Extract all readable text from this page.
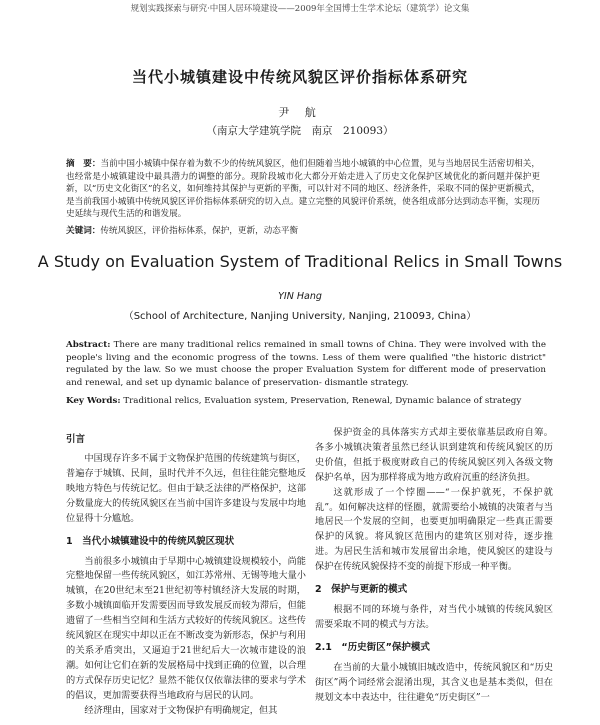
规划实践探索与研究·中国人居环境建设——2009年全国博士生学术论坛（建筑学）论文集
当代小城镇建设中传统风貌区评价指标体系研究
尹 航
（南京大学建筑学院　南京　210093）
摘　要：当前中国小城镇中保存着为数不少的传统风貌区，他们但随着当地小城镇的中心位置，见与当地居民生活密切相关，也经常是小城镇建设中最具潜力的调整的部分。现阶段城市化大都分开始走进入了历史文化保护区域优化的新问题并保护更新，以“历史文化街区”的名义，如何维持其保护与更新的平衡，可以针对不同的地区、经济条件，采取不同的保护更新模式，是当前我国小城镇中传统风貌区评价指标体系研究的切入点。建立完整的风貌评价系统，使各组成部分达到动态平衡，实现历史延续与现代生活的和谐发展。
关键词：传统风貌区，评价指标体系，保护，更新，动态平衡
A Study on Evaluation System of Traditional Relics in Small Towns
YIN Hang
（School of Architecture, Nanjing University, Nanjing, 210093, China）
Abstract: There are many traditional relics remained in small towns of China. They were involved with the people's living and the economic progress of the towns. Less of them were qualified "the historic district" regulated by the law. So we must choose the proper Evaluation System for different mode of preservation and renewal, and set up dynamic balance of preservation- dismantle strategy.
Key Words: Traditional relics, Evaluation system, Preservation, Renewal, Dynamic balance of strategy
引言

中国现存许多不属于文物保护范围的传统建筑与街区，普遍存于城镇、民间，虽时代并不久远，但往往能完整地反映地方特色与传统记忆。但由于缺乏法律的严格保护，这部分数量庞大的传统风貌区在当前中国许多建设与发展中均地位显得十分尴尬。

1　当代小城镇建设中的传统风貌区现状

当前很多小城镇由于早期中心城镇建设规模较小，尚能完整地保留一些传统风貌区，如江苏常州、无锡等地大量小城镇，在20世纪末至21世纪初等村镇经济大发展的时期，多数小城镇面临开发需要因而导致发展反而较为滞后，但能遗留了一些相当空间和生活方式较好的传统风貌区。这些传统风貌区在现实中却以正在不断改变为新形态，保护与利用的关系矛盾突出，又逼迫于21世纪后大一次城市建设的浪潮。如何让它们在新的发展格局中找到正确的位置，以合理的方式保存历史记忆？显然不能仅仅依靠法律的要求与学术的倡议，更加需要获得当地政府与居民的认同。

经济理由，国家对于文物保护有明确规定，但其

保护资金的具体落实方式却主要依靠基层政府自筹。各多小城镇决策者虽然已经认识到建筑和传统风貌区的历史价值，但抵于极度财政自己的传统风貌区列入各级文物保护名单，因为那样将成为地方政府沉重的经济负担。

这就形成了一个悖圈——“一保护就死，不保护就乱”。如何解决这样的怪圈，就需要给小城镇的决策者与当地居民一个发展的空间，也要更加明确限定一些真正需要保护的风貌。将风貌区范围内的建筑区别对待，逐步推进。为居民生活和城市发展留出余地，使风貌区的建设与保护在传统风貌保持不变的前提下形成一种平衡。

2　保护与更新的模式

根据不同的环境与条件，对当代小城镇的传统风貌区需要采取不同的模式与方法。

2.1　“历史街区”保护模式

在当前的大量小城镇旧城改造中，传统风貌区和“历史街区”两个词经常会混淆出现，其含义也是基本类似，但在规划文本中表达中，往往避免“历史街区”一
